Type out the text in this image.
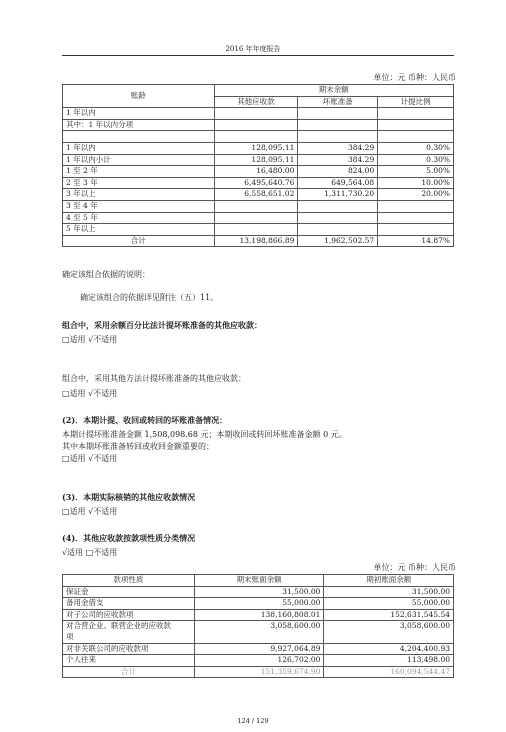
2016 年年度报告
单位：元 币种：人民币
账龄	期末余额		
	其他应收款	坏账准备	计提比例
1 年以内			
其中：1 年以内分项			

1 年以内	128,095.11	384.29	0.30%
1 年以内小计	128,095.11	384.29	0.30%
1 至 2 年	16,480.00	824.00	5.00%
2 至 3 年	6,495,640.76	649,564.08	10.00%
3 年以上	6,558,651.02	1,311,730.20	20.00%
3 至 4 年			
4 至 5 年			
5 年以上			
合计	13,198,866.89	1,962,502.57	14.87%
确定该组合依据的说明：
确定该组合的依据详见附注（五）11。
组合中，采用余额百分比法计提坏账准备的其他应收款：
□适用 √不适用
组合中，采用其他方法计提坏账准备的其他应收款：
□适用 √不适用
(2)．本期计提、收回或转回的坏账准备情况：
本期计提坏账准备金额 1,508,098.68 元；本期收回或转回坏账准备金额 0 元。
其中本期坏账准备转回或收回金额重要的：
□适用 √不适用
(3)．本期实际核销的其他应收款情况
□适用 √不适用
(4)．其他应收款按款项性质分类情况
√适用 □不适用
单位：元 币种：人民币
款项性质	期末账面余额	期初账面余额
保证金	31,500.00	31,500.00
备用金借支	55,000.00	55,000.00
对子公司的应收款项	138,160,808.01	152,631,545.54
对合营企业、联营企业的应收款	3,058,600.00	3,058,600.00
项		
对非关联公司的应收款项	9,927,064.89	4,204,400.93
个人往来	126,702.00	113,498.00
合计	151,359,674.90	160,094,544.47
124 / 129
